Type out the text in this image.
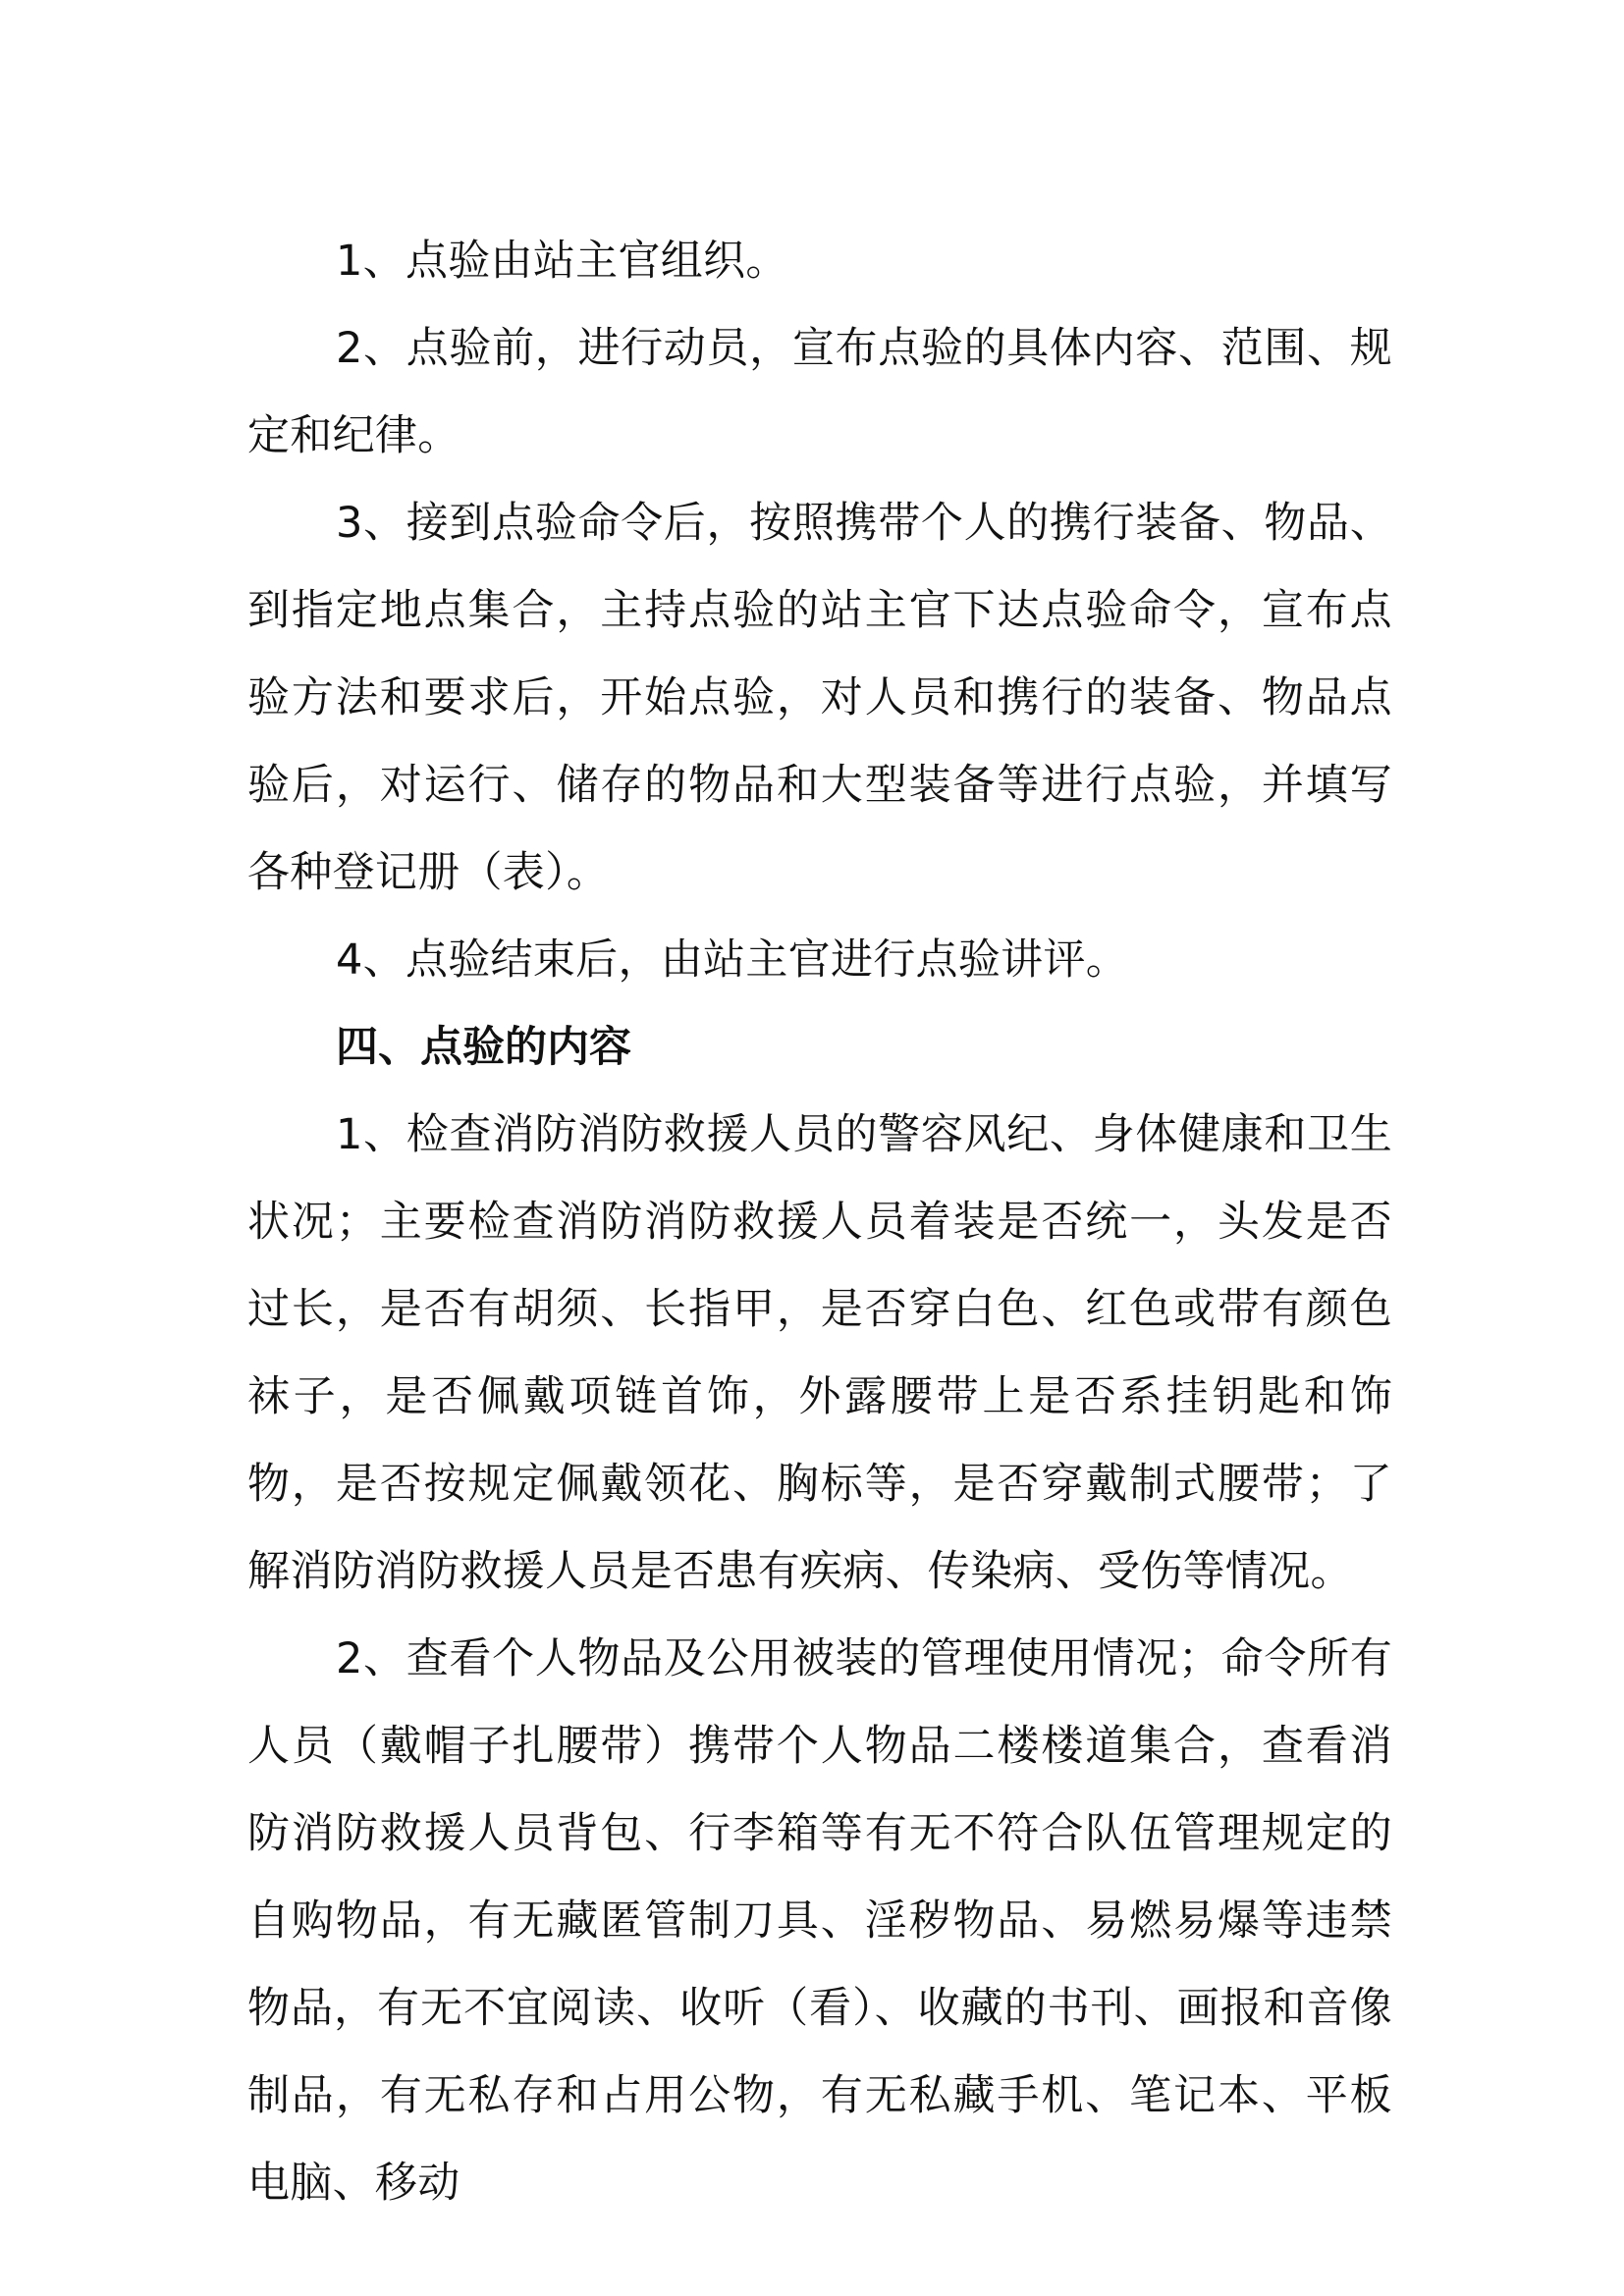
1、点验由站主官组织。

2、点验前，进行动员，宣布点验的具体内容、范围、规定和纪律。

3、接到点验命令后，按照携带个人的携行装备、物品、到指定地点集合，主持点验的站主官下达点验命令，宣布点验方法和要求后，开始点验，对人员和携行的装备、物品点验后，对运行、储存的物品和大型装备等进行点验，并填写各种登记册（表）。

4、点验结束后，由站主官进行点验讲评。

四、点验的内容

1、检查消防消防救援人员的警容风纪、身体健康和卫生状况；主要检查消防消防救援人员着装是否统一，头发是否过长，是否有胡须、长指甲，是否穿白色、红色或带有颜色袜子，是否佩戴项链首饰，外露腰带上是否系挂钥匙和饰物，是否按规定佩戴领花、胸标等，是否穿戴制式腰带；了解消防消防救援人员是否患有疾病、传染病、受伤等情况。

2、查看个人物品及公用被装的管理使用情况；命令所有人员（戴帽子扎腰带）携带个人物品二楼楼道集合，查看消防消防救援人员背包、行李箱等有无不符合队伍管理规定的自购物品，有无藏匿管制刀具、淫秽物品、易燃易爆等违禁物品，有无不宜阅读、收听（看）、收藏的书刊、画报和音像制品，有无私存和占用公物，有无私藏手机、笔记本、平板电脑、移动
